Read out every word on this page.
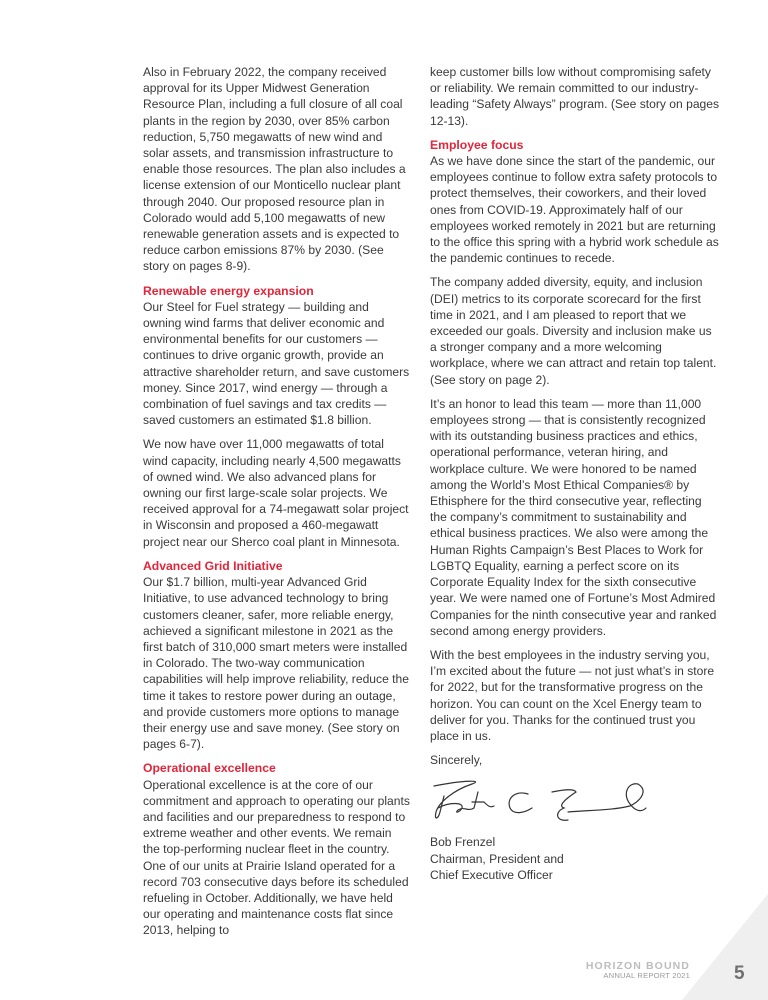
Also in February 2022, the company received approval for its Upper Midwest Generation Resource Plan, including a full closure of all coal plants in the region by 2030, over 85% carbon reduction, 5,750 megawatts of new wind and solar assets, and transmission infrastructure to enable those resources. The plan also includes a license extension of our Monticello nuclear plant through 2040. Our proposed resource plan in Colorado would add 5,100 megawatts of new renewable generation assets and is expected to reduce carbon emissions 87% by 2030. (See story on pages 8-9).

Renewable energy expansion

Our Steel for Fuel strategy — building and owning wind farms that deliver economic and environmental benefits for our customers — continues to drive organic growth, provide an attractive shareholder return, and save customers money. Since 2017, wind energy — through a combination of fuel savings and tax credits — saved customers an estimated $1.8 billion.

We now have over 11,000 megawatts of total wind capacity, including nearly 4,500 megawatts of owned wind. We also advanced plans for owning our first large-scale solar projects. We received approval for a 74-megawatt solar project in Wisconsin and proposed a 460-megawatt project near our Sherco coal plant in Minnesota.

Advanced Grid Initiative

Our $1.7 billion, multi-year Advanced Grid Initiative, to use advanced technology to bring customers cleaner, safer, more reliable energy, achieved a significant milestone in 2021 as the first batch of 310,000 smart meters were installed in Colorado. The two-way communication capabilities will help improve reliability, reduce the time it takes to restore power during an outage, and provide customers more options to manage their energy use and save money. (See story on pages 6-7).

Operational excellence

Operational excellence is at the core of our commitment and approach to operating our plants and facilities and our preparedness to respond to extreme weather and other events. We remain the top-performing nuclear fleet in the country. One of our units at Prairie Island operated for a record 703 consecutive days before its scheduled refueling in October. Additionally, we have held our operating and maintenance costs flat since 2013, helping to

keep customer bills low without compromising safety or reliability. We remain committed to our industry-leading “Safety Always” program. (See story on pages 12-13).

Employee focus

As we have done since the start of the pandemic, our employees continue to follow extra safety protocols to protect themselves, their coworkers, and their loved ones from COVID-19. Approximately half of our employees worked remotely in 2021 but are returning to the office this spring with a hybrid work schedule as the pandemic continues to recede.

The company added diversity, equity, and inclusion (DEI) metrics to its corporate scorecard for the first time in 2021, and I am pleased to report that we exceeded our goals. Diversity and inclusion make us a stronger company and a more welcoming workplace, where we can attract and retain top talent. (See story on page 2).

It’s an honor to lead this team — more than 11,000 employees strong — that is consistently recognized with its outstanding business practices and ethics, operational performance, veteran hiring, and workplace culture. We were honored to be named among the World’s Most Ethical Companies® by Ethisphere for the third consecutive year, reflecting the company’s commitment to sustainability and ethical business practices. We also were among the Human Rights Campaign’s Best Places to Work for LGBTQ Equality, earning a perfect score on its Corporate Equality Index for the sixth consecutive year. We were named one of Fortune’s Most Admired Companies for the ninth consecutive year and ranked second among energy providers.

With the best employees in the industry serving you, I’m excited about the future — not just what’s in store for 2022, but for the transformative progress on the horizon. You can count on the Xcel Energy team to deliver for you. Thanks for the continued trust you place in us.

Sincerely,

Bob Frenzel

Chairman, President and

Chief Executive Officer

HORIZON BOUND
ANNUAL REPORT 2021 5
